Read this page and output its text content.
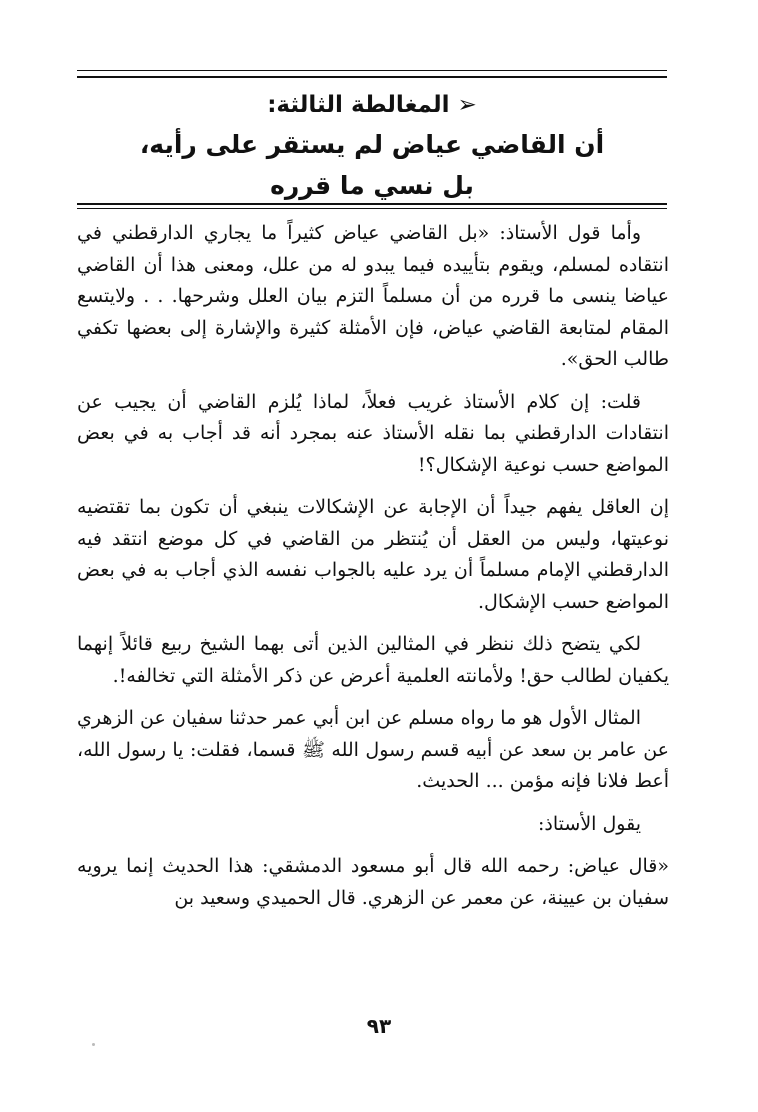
➢المغالطة الثالثة:
أن القاضي عياض لم يستقر على رأيه،
بل نسي ما قرره

وأما قول الأستاذ: «بل القاضي عياض كثيراً ما يجاري الدارقطني في انتقاده لمسلم، ويقوم بتأييده فيما يبدو له من علل، ومعنى هذا أن القاضي عياضا ينسى ما قرره من أن مسلماً التزم بيان العلل وشرحها. . . ولايتسع المقام لمتابعة القاضي عياض، فإن الأمثلة كثيرة والإشارة إلى بعضها تكفي طالب الحق».

قلت: إن كلام الأستاذ غريب فعلاً، لماذا يُلزم القاضي أن يجيب عن انتقادات الدارقطني بما نقله الأستاذ عنه بمجرد أنه قد أجاب به في بعض المواضع حسب نوعية الإشكال؟!

إن العاقل يفهم جيداً أن الإجابة عن الإشكالات ينبغي أن تكون بما تقتضيه نوعيتها، وليس من العقل أن يُنتظر من القاضي في كل موضع انتقد فيه الدارقطني الإمام مسلماً أن يرد عليه بالجواب نفسه الذي أجاب به في بعض المواضع حسب الإشكال.

لكي يتضح ذلك ننظر في المثالين الذين أتى بهما الشيخ ربيع قائلاً إنهما يكفيان لطالب حق! ولأمانته العلمية أعرض عن ذكر الأمثلة التي تخالفه!.

المثال الأول هو ما رواه مسلم عن ابن أبي عمر حدثنا سفيان عن الزهري عن عامر بن سعد عن أبيه قسم رسول الله ﷺ قسما، فقلت: يا رسول الله، أعط فلانا فإنه مؤمن ... الحديث.

يقول الأستاذ:

«قال عياض: رحمه الله قال أبو مسعود الدمشقي: هذا الحديث إنما يرويه سفيان بن عيينة، عن معمر عن الزهري. قال الحميدي وسعيد بن

٩٣
